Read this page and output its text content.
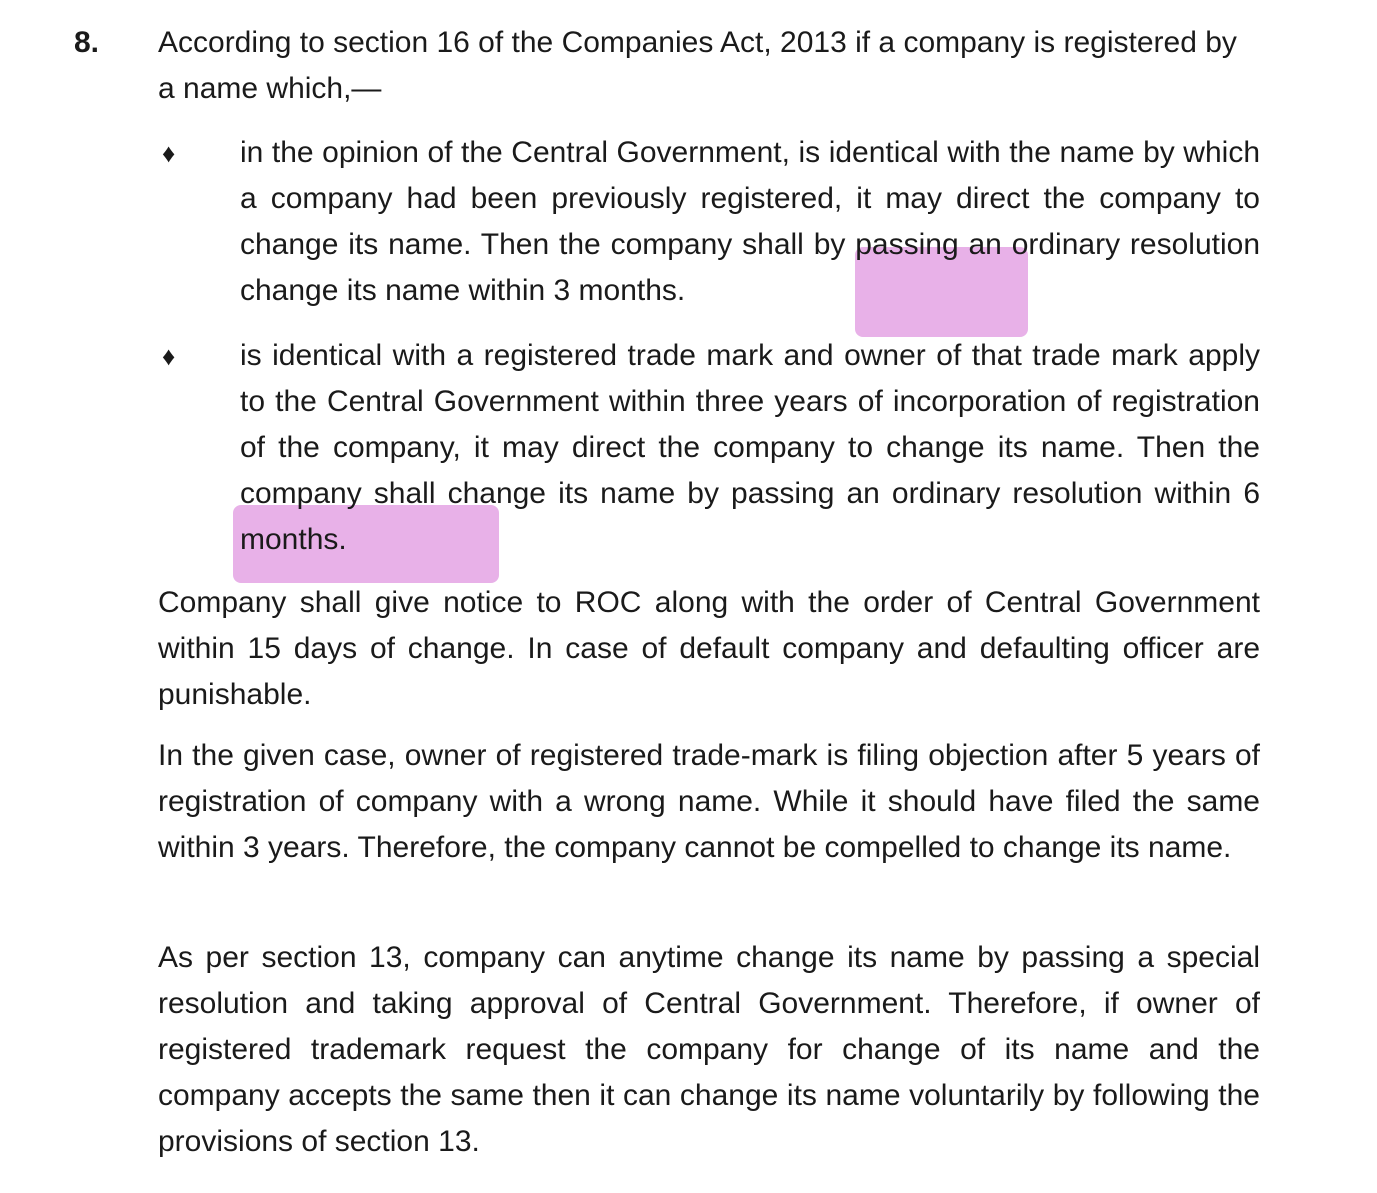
8. According to section 16 of the Companies Act, 2013 if a company is registered by a name which,—

♦ in the opinion of the Central Government, is identical with the name by which a company had been previously registered, it may direct the company to change its name. Then the company shall by passing an ordinary resolution change its name within 3 months.

♦ is identical with a registered trade mark and owner of that trade mark apply to the Central Government within three years of incorporation of registration of the company, it may direct the company to change its name. Then the company shall change its name by passing an ordinary resolution within 6 months.

Company shall give notice to ROC along with the order of Central Government within 15 days of change. In case of default company and defaulting officer are punishable.

In the given case, owner of registered trade-mark is filing objection after 5 years of registration of company with a wrong name. While it should have filed the same within 3 years. Therefore, the company cannot be compelled to change its name.

As per section 13, company can anytime change its name by passing a special resolution and taking approval of Central Government. Therefore, if owner of registered trademark request the company for change of its name and the company accepts the same then it can change its name voluntarily by following the provisions of section 13.
